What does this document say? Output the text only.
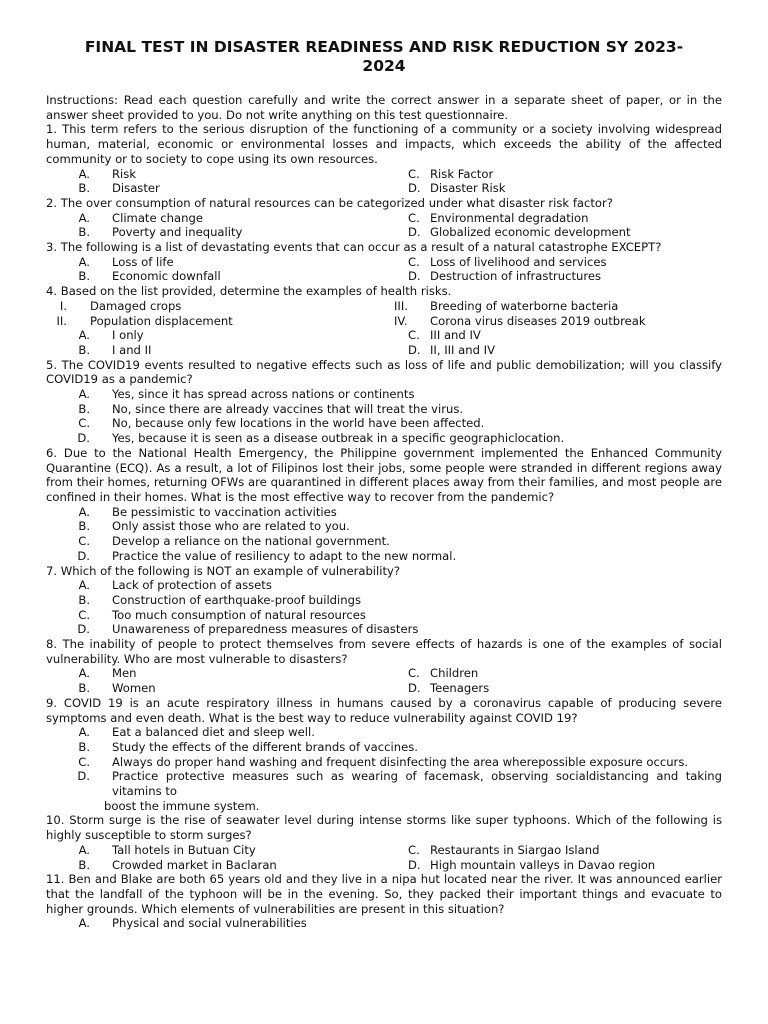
FINAL TEST IN DISASTER READINESS AND RISK REDUCTION SY 2023-2024

Instructions: Read each question carefully and write the correct answer in a separate sheet of paper, or in the answer sheet provided to you. Do not write anything on this test questionnaire.

1. This term refers to the serious disruption of the functioning of a community or a society involving widespread human, material, economic or environmental losses and impacts, which exceeds the ability of the affected community or to society to cope using its own resources.

A.	Risk	C. Risk Factor
B.	Disaster	D. Disaster Risk

2. The over consumption of natural resources can be categorized under what disaster risk factor?

A.	Climate change	C. Environmental degradation
B.	Poverty and inequality	D. Globalized economic development

3. The following is a list of devastating events that can occur as a result of a natural catastrophe EXCEPT?

A.	Loss of life	C. Loss of livelihood and services
B.	Economic downfall	D. Destruction of infrastructures

4. Based on the list provided, determine the examples of health risks.

I.	Damaged crops	III.	Breeding of waterborne bacteria
II.	Population displacement	IV.	Corona virus diseases 2019 outbreak
A.	I only	C. III and IV
B.	I and II	D. II, III and IV

5. The COVID19 events resulted to negative effects such as loss of life and public demobilization; will you classify COVID19 as a pandemic?

A.	Yes, since it has spread across nations or continents
B.	No, since there are already vaccines that will treat the virus.
C.	No, because only few locations in the world have been affected.
D.	Yes, because it is seen as a disease outbreak in a specific geographiclocation.

6. Due to the National Health Emergency, the Philippine government implemented the Enhanced Community Quarantine (ECQ). As a result, a lot of Filipinos lost their jobs, some people were stranded in different regions away from their homes, returning OFWs are quarantined in different places away from their families, and most people are confined in their homes. What is the most effective way to recover from the pandemic?

A.	Be pessimistic to vaccination activities
B.	Only assist those who are related to you.
C.	Develop a reliance on the national government.
D.	Practice the value of resiliency to adapt to the new normal.

7. Which of the following is NOT an example of vulnerability?

A.	Lack of protection of assets
B.	Construction of earthquake-proof buildings
C.	Too much consumption of natural resources
D.	Unawareness of preparedness measures of disasters

8. The inability of people to protect themselves from severe effects of hazards is one of the examples of social vulnerability. Who are most vulnerable to disasters?

A.	Men	C. Children
B.	Women	D. Teenagers

9. COVID 19 is an acute respiratory illness in humans caused by a coronavirus capable of producing severe symptoms and even death. What is the best way to reduce vulnerability against COVID 19?

A.	Eat a balanced diet and sleep well.
B.	Study the effects of the different brands of vaccines.
C.	Always do proper hand washing and frequent disinfecting the area wherepossible exposure occurs.
D.	Practice protective measures such as wearing of facemask, observing socialdistancing and taking vitamins to
boost the immune system.

10. Storm surge is the rise of seawater level during intense storms like super typhoons. Which of the following is highly susceptible to storm surges?

A.	Tall hotels in Butuan City	C. Restaurants in Siargao Island
B.	Crowded market in Baclaran	D. High mountain valleys in Davao region

11. Ben and Blake are both 65 years old and they live in a nipa hut located near the river. It was announced earlier that the landfall of the typhoon will be in the evening. So, they packed their important things and evacuate to higher grounds. Which elements of vulnerabilities are present in this situation?

A.	Physical and social vulnerabilities
